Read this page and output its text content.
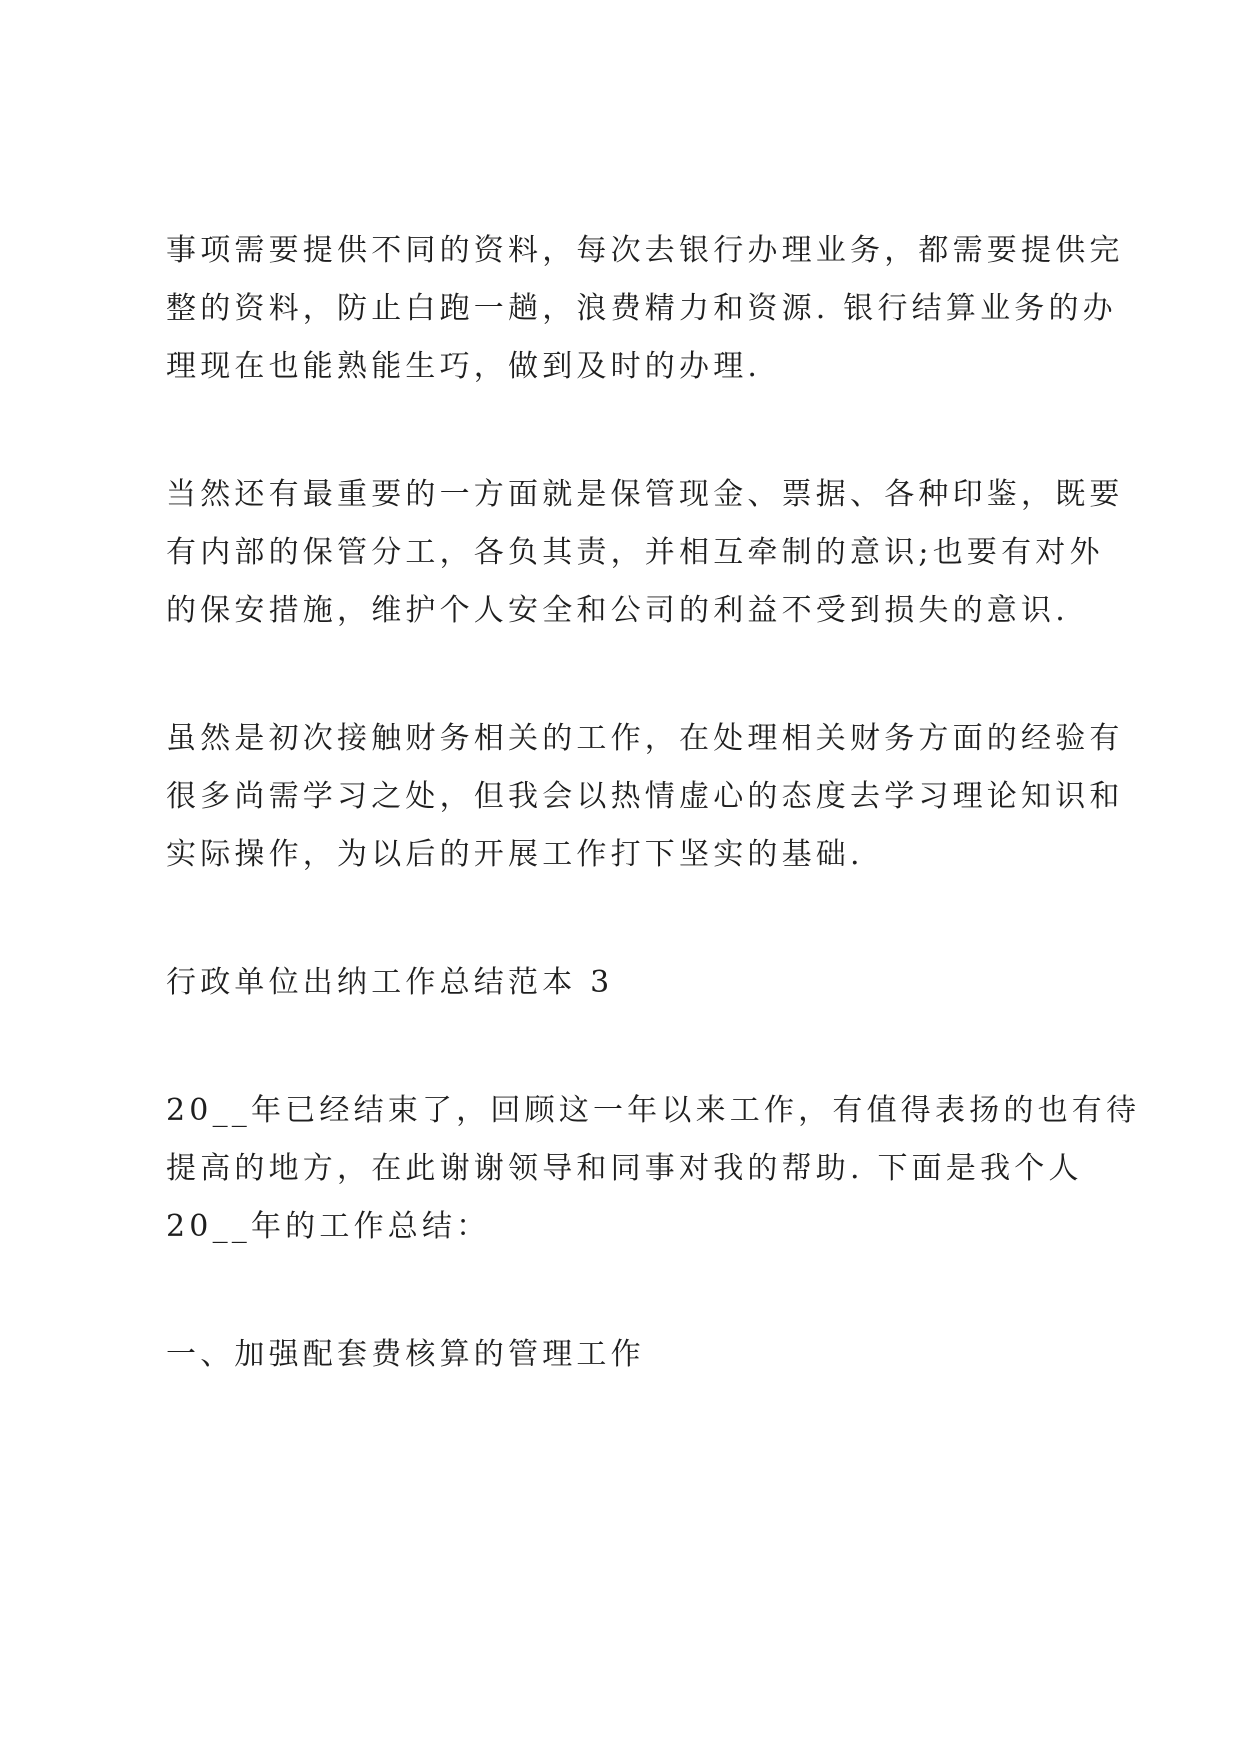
事项需要提供不同的资料，每次去银行办理业务，都需要提供完
整的资料，防止白跑一趟，浪费精力和资源. 银行结算业务的办
理现在也能熟能生巧，做到及时的办理.
当然还有最重要的一方面就是保管现金、票据、各种印鉴，既要
有内部的保管分工，各负其责，并相互牵制的意识;也要有对外
的保安措施，维护个人安全和公司的利益不受到损失的意识.
虽然是初次接触财务相关的工作，在处理相关财务方面的经验有
很多尚需学习之处，但我会以热情虚心的态度去学习理论知识和
实际操作，为以后的开展工作打下坚实的基础.
行政单位出纳工作总结范本 3
20__年已经结束了，回顾这一年以来工作，有值得表扬的也有待
提高的地方，在此谢谢领导和同事对我的帮助. 下面是我个人
20__年的工作总结：
一、加强配套费核算的管理工作
